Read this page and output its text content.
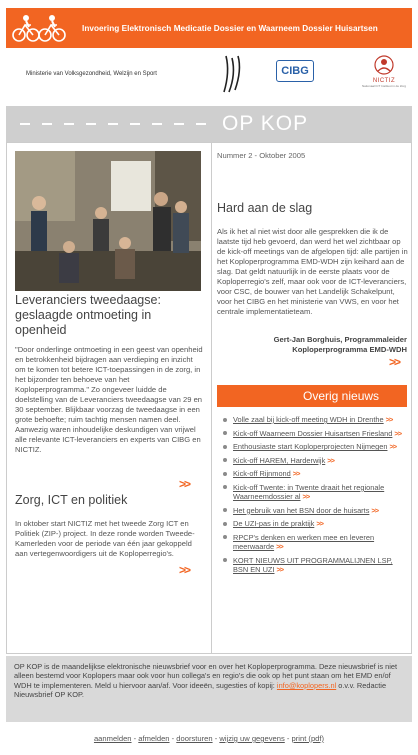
Invoering Elektronisch Medicatie Dossier en Waarneem Dossier Huisartsen
Ministerie van Volksgezondheid, Welzijn en Sport	CIBG
NICTIZ
Nationaal ICT Instituut in de Zorg
OP KOP
Leveranciers tweedaagse: geslaagde ontmoeting in openheid
"Door onderlinge ontmoeting in een geest van openheid en betrokkenheid bijdragen aan verdieping en inzicht om te komen tot betere ICT-toepassingen in de zorg, in het bijzonder ten behoeve van het Koploperprogramma." Zo ongeveer luidde de doelstelling van de Leveranciers tweedaagse van 29 en 30 september. Blijkbaar voorzag de tweedaagse in een grote behoefte; ruim tachtig mensen namen deel. Aanwezig waren inhoudelijke deskundigen van vrijwel alle relevante ICT-leveranciers en experts van CIBG en NICTIZ.
>>
Zorg, ICT en politiek
In oktober start NICTIZ met het tweede Zorg ICT en Politiek (ZIP-) project. In deze ronde worden Tweede-Kamerleden voor de periode van één jaar gekoppeld aan vertegenwoordigers uit de Koploperregio's.
>>
Nummer 2 - Oktober 2005
Hard aan de slag
Als ik het al niet wist door alle gesprekken die ik de laatste tijd heb gevoerd, dan werd het wel zichtbaar op de kick-off meetings van de afgelopen tijd: alle partijen in het Koploperprogramma EMD-WDH zijn keihard aan de slag. Dat geldt natuurlijk in de eerste plaats voor de Koploperregio's zelf, maar ook voor de ICT-leveranciers, voor CSC, de bouwer van het Landelijk Schakelpunt, voor het CIBG en het ministerie van VWS, en voor het centrale implementatieteam.
Gert-Jan Borghuis, Programmaleider
Koploperprogramma EMD-WDH
>>
Overig nieuws
Volle zaal bij kick-off meeting WDH in Drenthe >>
Kick-off Waarneem Dossier Huisartsen Friesland >>
Enthousiaste start Koploperprojecten Nijmegen >>
Kick-off HAREM, Harderwijk >>
Kick-off Rijnmond >>
Kick-off Twente: in Twente draait het regionale Waarneemdossier al >>
Het gebruik van het BSN door de huisarts >>
De UZI-pas in de praktijk >>
RPCP's denken en werken mee en leveren meerwaarde >>
KORT NIEUWS UIT PROGRAMMALIJNEN LSP, BSN EN UZI >>
OP KOP is de maandelijkse elektronische nieuwsbrief voor en over het Koploperprogramma. Deze nieuwsbrief is niet alleen bestemd voor Koplopers maar ook voor hun collega's en regio's die ook op het punt staan om het EMD en/of WDH te implementeren. Meld u hiervoor aan/af. Voor ideeën, sugesties of kopij: info@koplopers.nl o.v.v. Redactie Nieuwsbrief OP KOP.
aanmelden - afmelden - doorsturen - wijzig uw gegevens - print (pdf)
